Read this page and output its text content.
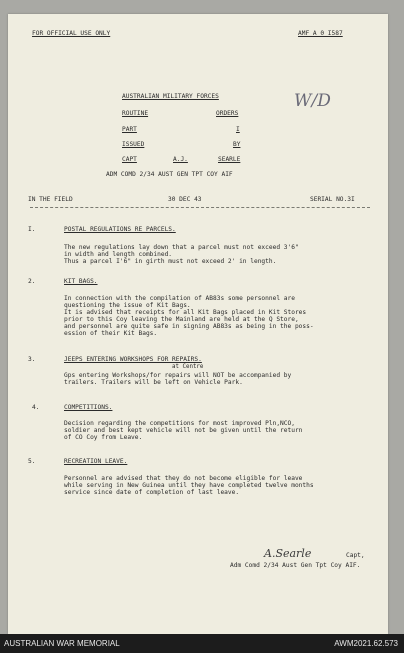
FOR OFFICIAL USE ONLY	AMF A 0 I587
AUSTRALIAN MILITARY FORCES
ROUTINE	ORDERS
PART	I
ISSUED	BY
CAPT	A.J.	SEARLE
ADM COMD 2/34 AUST GEN TPT COY AIF
W/D
IN THE FIELD	30 DEC 43	SERIAL NO.3I
I.	POSTAL REGULATIONS RE PARCELS.
The new regulations lay down that a parcel must not exceed 3'6"
in width and length combined.
Thus a parcel I'6" in girth must not exceed 2' in length.
2.	KIT BAGS.
In connection with the compilation of AB83s some personnel are
questioning the issue of Kit Bags.
It is advised that receipts for all Kit Bags placed in Kit Stores
prior to this Coy leaving the Mainland are held at the Q Store,
and personnel are quite safe in signing AB83s as being in the poss-
ession of their Kit Bags.
3.	JEEPS ENTERING WORKSHOPS FOR REPAIRS.
at Centre
Gps entering Workshops/for repairs will NOT be accompanied by
trailers. Trailers will be left on Vehicle Park.
4.	COMPETITIONS.
Decision regarding the competitions for most improved Pln,NCO,
soldier and best kept vehicle will not be given until the return
of CO Coy from Leave.
5.	RECREATION LEAVE.
Personnel are advised that they do not become eligible for leave
while serving in New Guinea until they have completed twelve months
service since date of completion of last leave.
A.Searle	Capt,
Adm Comd 2/34 Aust Gen Tpt Coy AIF.
AUSTRALIAN WAR MEMORIAL	AWM2021.62.573
